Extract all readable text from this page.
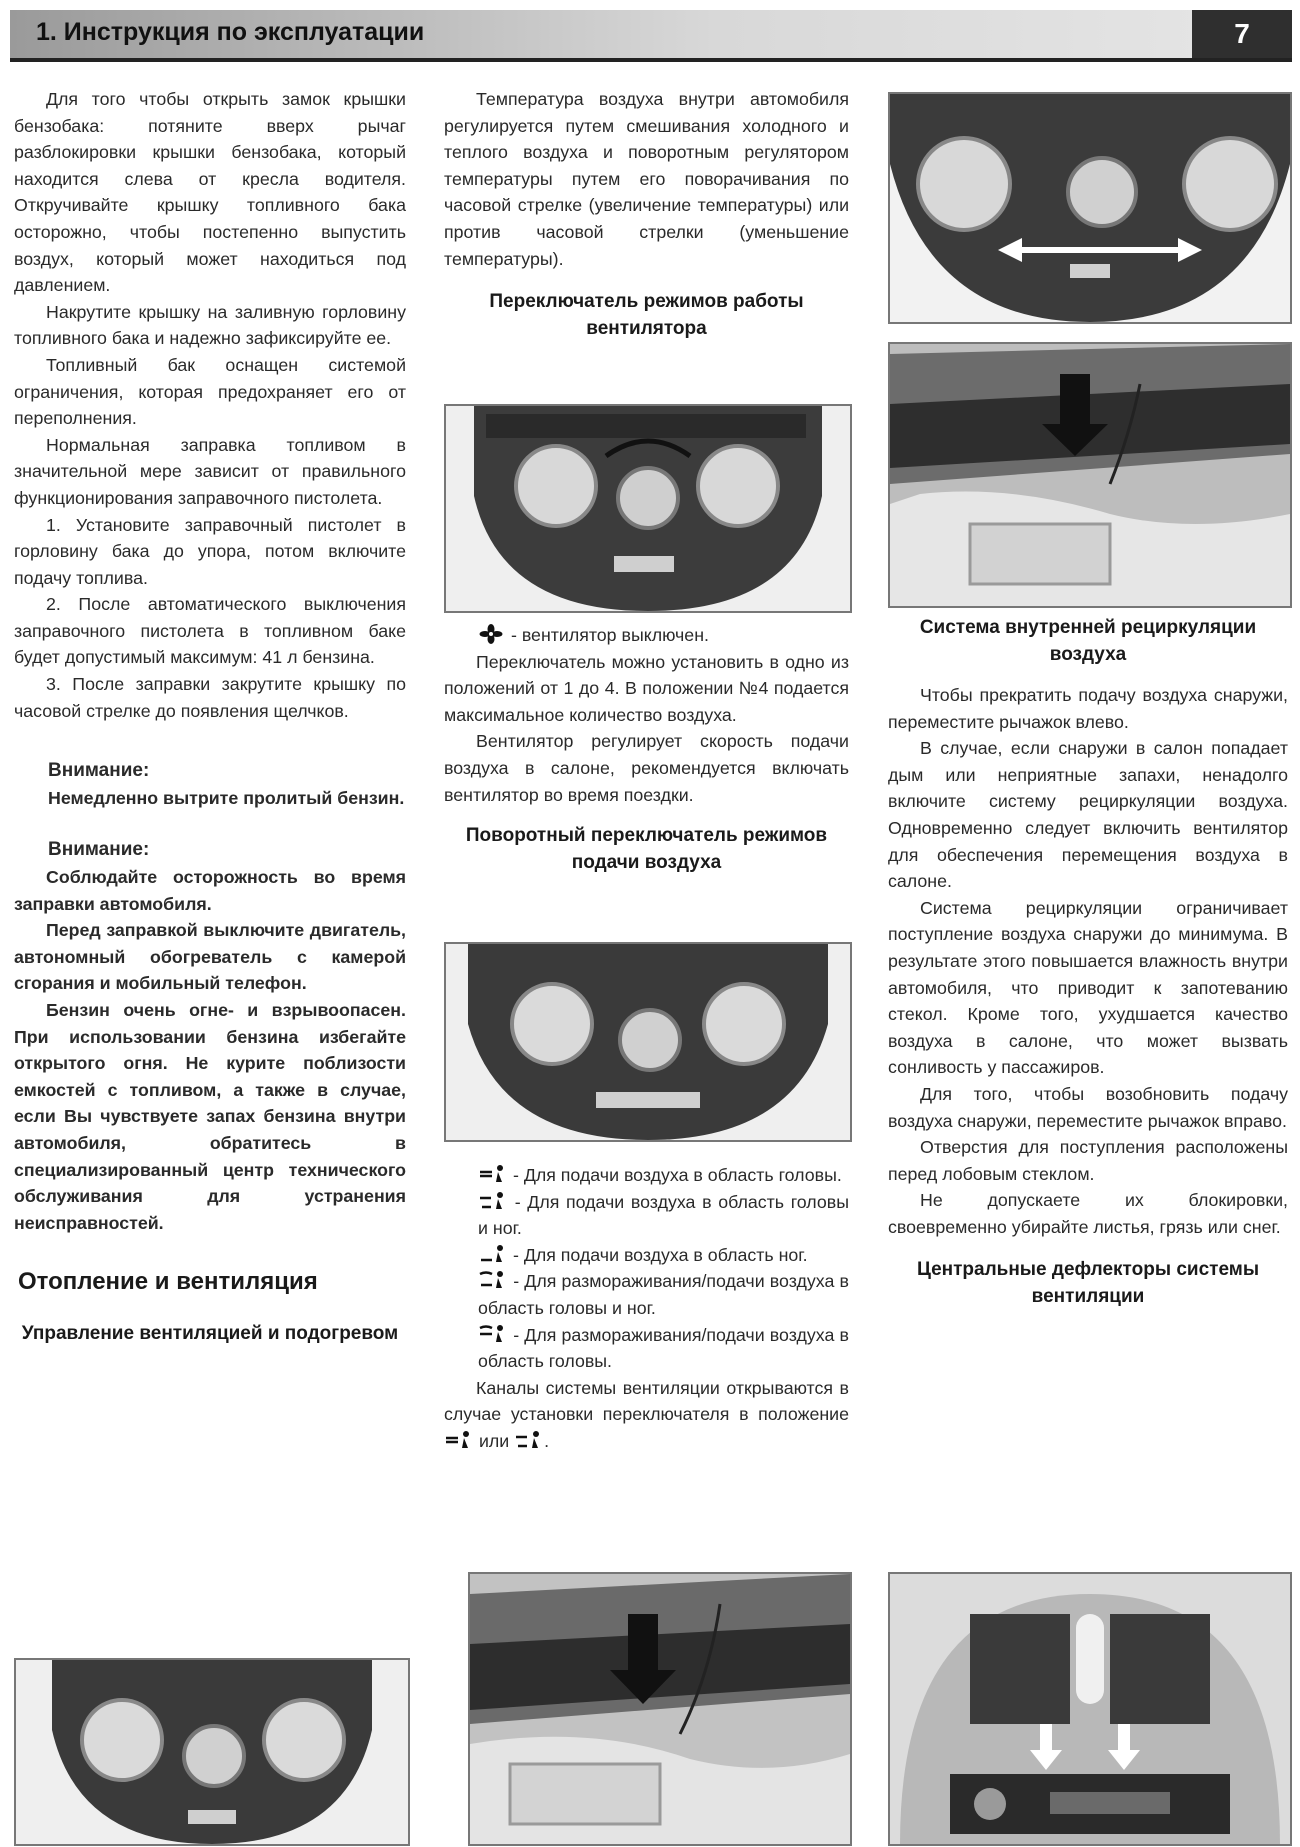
1. Инструкция по эксплуатации	7

Для того чтобы открыть замок крышки бензобака: потяните вверх рычаг разблокировки крышки бензобака, который находится слева от кресла водителя. Откручивайте крышку топливного бака осторожно, чтобы постепенно выпустить воздух, который может находиться под давлением.

Накрутите крышку на заливную горловину топливного бака и надежно зафиксируйте ее.

Топливный бак оснащен системой ограничения, которая предохраняет его от переполнения.

Нормальная заправка топливом в значительной мере зависит от правильного функционирования заправочного пистолета.

1. Установите заправочный пистолет в горловину бака до упора, потом включите подачу топлива.

2. После автоматического выключения заправочного пистолета в топливном баке будет допустимый максимум: 41 л бензина.

3. После заправки закрутите крышку по часовой стрелке до появления щелчков.

Внимание:

Немедленно вытрите пролитый бензин.

Внимание:

Соблюдайте осторожность во время заправки автомобиля.

Перед заправкой выключите двигатель, автономный обогреватель с камерой сгорания и мобильный телефон.

Бензин очень огне- и взрывоопасен. При использовании бензина избегайте открытого огня. Не курите поблизости емкостей с топливом, а также в случае, если Вы чувствуете запах бензина внутри автомобиля, обратитесь в специализированный центр технического обслуживания для устранения неисправностей.

Отопление и вентиляция
Управление вентиляцией и подогревом

Температура воздуха внутри автомобиля регулируется путем смешивания холодного и теплого воздуха и поворотным регулятором температуры путем его поворачивания по часовой стрелке (увеличение температуры) или против часовой стрелки (уменьшение температуры).

Переключатель режимов работы вентилятора

- вентилятор выключен.

Переключатель можно установить в одно из положений от 1 до 4. В положении №4 подается максимальное количество воздуха.

Вентилятор регулирует скорость подачи воздуха в салоне, рекомендуется включать вентилятор во время поездки.

Поворотный переключатель режимов подачи воздуха

- Для подачи воздуха в область головы.

- Для подачи воздуха в область головы и ног.

- Для подачи воздуха в область ног.

- Для размораживания/подачи воздуха в область головы и ног.

- Для размораживания/подачи воздуха в область головы.

Каналы системы вентиляции открываются в случае установки переключателя в положение
или .

Система внутренней рециркуляции воздуха

Чтобы прекратить подачу воздуха снаружи, переместите рычажок влево.

В случае, если снаружи в салон попадает дым или неприятные запахи, ненадолго включите систему рециркуляции воздуха. Одновременно следует включить вентилятор для обеспечения перемещения воздуха в салоне.

Система рециркуляции ограничивает поступление воздуха снаружи до минимума. В результате этого повышается влажность внутри автомобиля, что приводит к запотеванию стекол. Кроме того, ухудшается качество воздуха в салоне, что может вызвать сонливость у пассажиров.

Для того, чтобы возобновить подачу воздуха снаружи, переместите рычажок вправо.

Отверстия для поступления расположены перед лобовым стеклом.

Не допускаете их блокировки, своевременно убирайте листья, грязь или снег.

Центральные дефлекторы системы вентиляции
